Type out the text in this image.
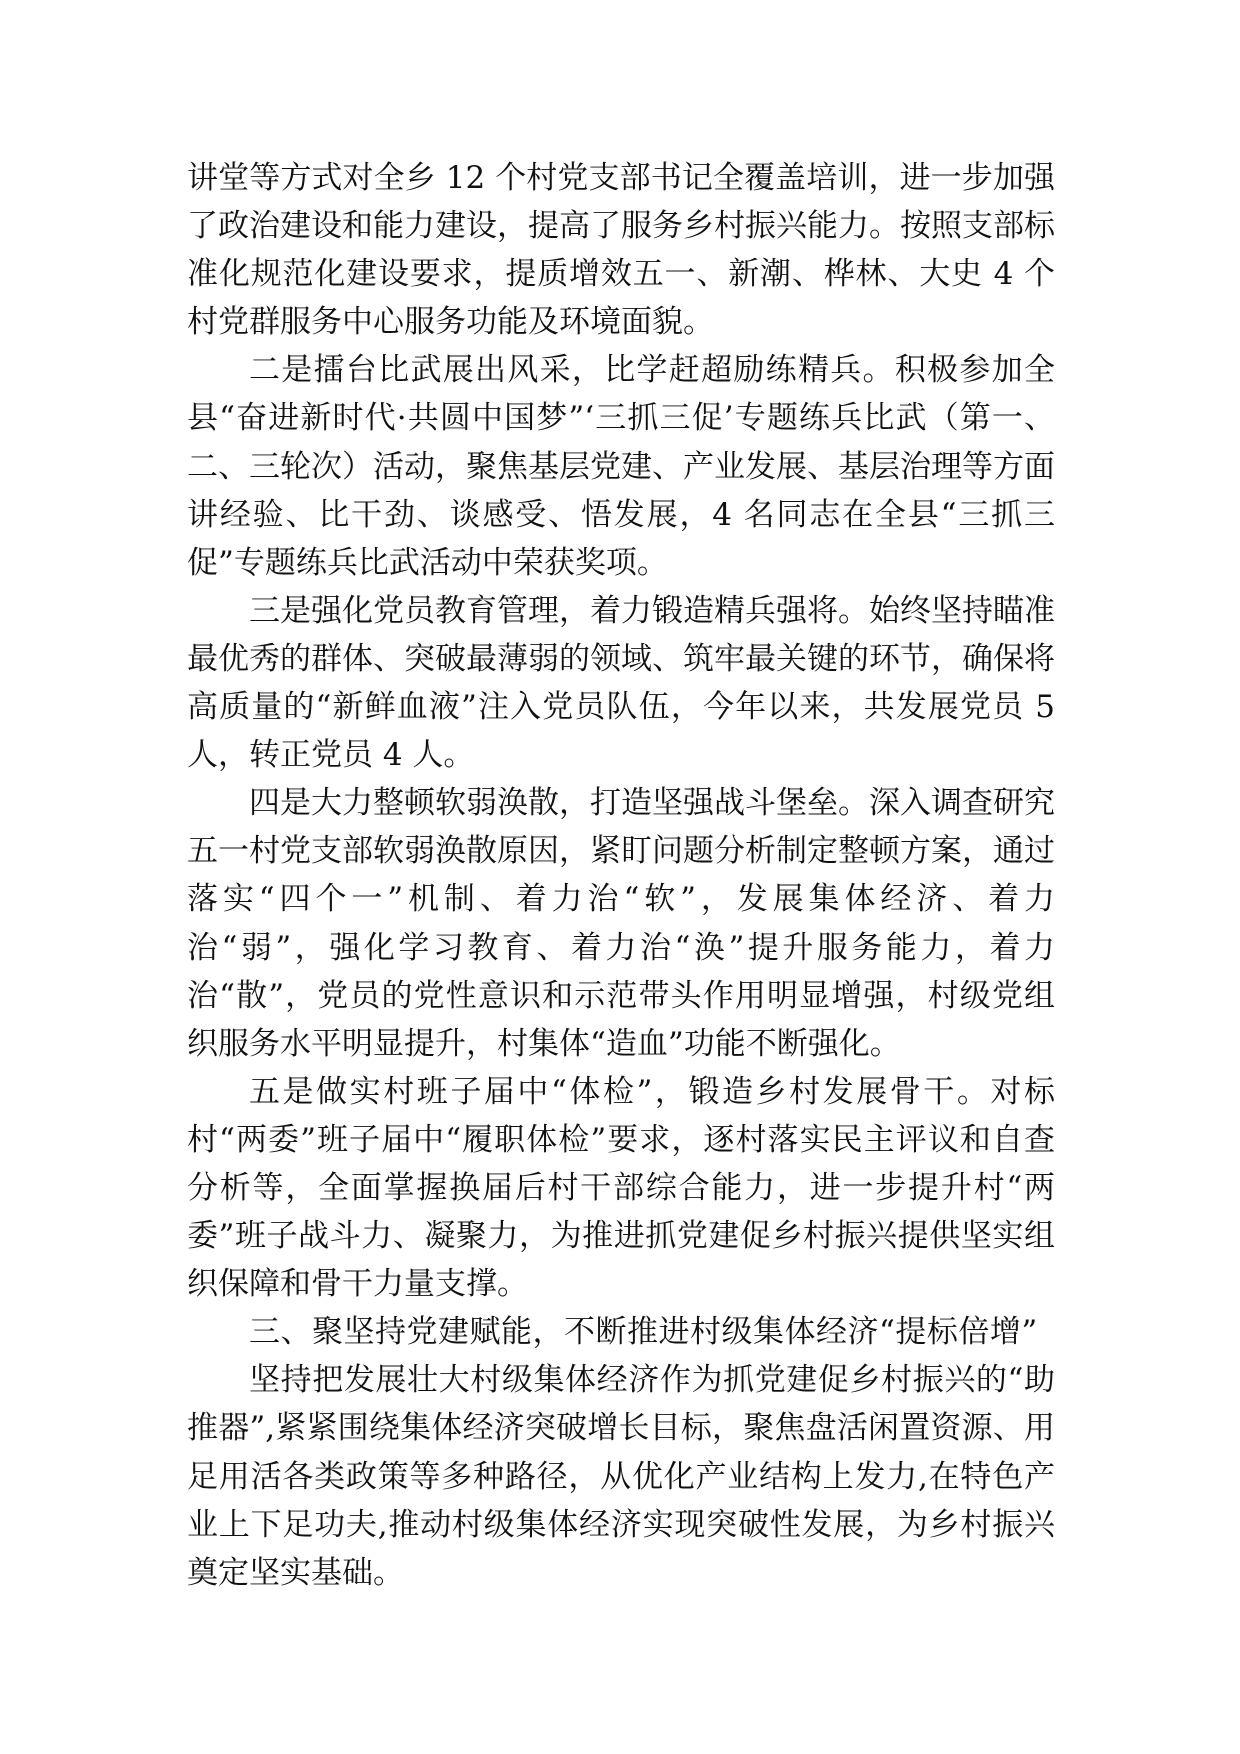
讲堂等方式对全乡 12 个村党支部书记全覆盖培训，进一步加强了政治建设和能力建设，提高了服务乡村振兴能力。按照支部标准化规范化建设要求，提质增效五一、新潮、桦林、大史 4 个村党群服务中心服务功能及环境面貌。

二是擂台比武展出风采，比学赶超励练精兵。积极参加全县“奋进新时代·共圆中国梦”‘三抓三促’专题练兵比武（第一、二、三轮次）活动，聚焦基层党建、产业发展、基层治理等方面讲经验、比干劲、谈感受、悟发展，4 名同志在全县“三抓三促”专题练兵比武活动中荣获奖项。

三是强化党员教育管理，着力锻造精兵强将。始终坚持瞄准最优秀的群体、突破最薄弱的领域、筑牢最关键的环节，确保将高质量的“新鲜血液”注入党员队伍，今年以来，共发展党员 5 人，转正党员 4 人。

四是大力整顿软弱涣散，打造坚强战斗堡垒。深入调查研究五一村党支部软弱涣散原因，紧盯问题分析制定整顿方案，通过落实“四个一”机制、着力治“软”，发展集体经济、着力治“弱”，强化学习教育、着力治“涣”提升服务能力，着力治“散”，党员的党性意识和示范带头作用明显增强，村级党组织服务水平明显提升，村集体“造血”功能不断强化。

五是做实村班子届中“体检”，锻造乡村发展骨干。对标村“两委”班子届中“履职体检”要求，逐村落实民主评议和自查分析等，全面掌握换届后村干部综合能力，进一步提升村“两委”班子战斗力、凝聚力，为推进抓党建促乡村振兴提供坚实组织保障和骨干力量支撑。

三、聚坚持党建赋能，不断推进村级集体经济“提标倍增”

坚持把发展壮大村级集体经济作为抓党建促乡村振兴的“助推器”,紧紧围绕集体经济突破增长目标，聚焦盘活闲置资源、用足用活各类政策等多种路径，从优化产业结构上发力,在特色产业上下足功夫,推动村级集体经济实现突破性发展，为乡村振兴奠定坚实基础。
